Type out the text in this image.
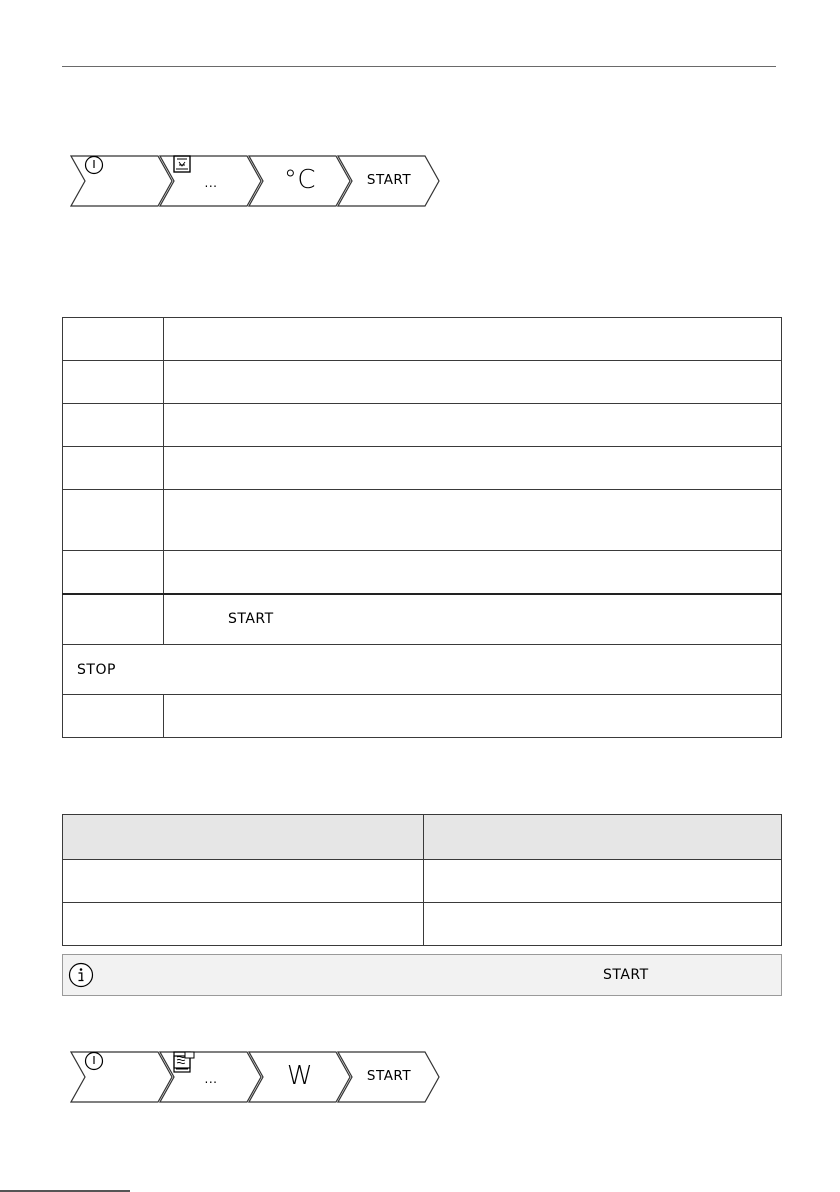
...	°C	START

	START
STOP	

START
...	W	START
